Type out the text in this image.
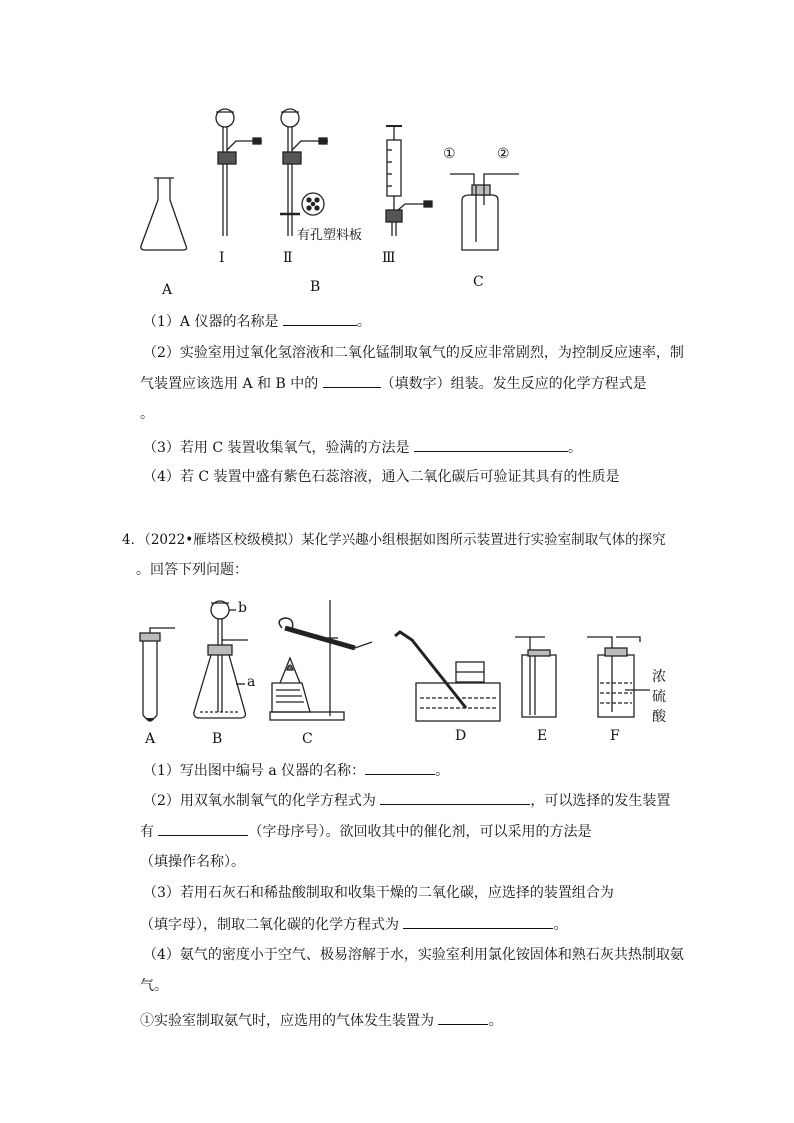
A
Ⅰ	Ⅱ	Ⅲ
B	C
①	②
有孔塑料板
（1）A 仪器的名称是	。
（2）实验室用过氧化氢溶液和二氧化锰制取氧气的反应非常剧烈，为控制反应速率，制
气装置应该选用 A 和 B 中的	（填数字）组装。发生反应的化学方程式是
。
（3）若用 C 装置收集氧气，验满的方法是	。
（4）若 C 装置中盛有紫色石蕊溶液，通入二氧化碳后可验证其具有的性质是
4．（2022•雁塔区校级模拟）某化学兴趣小组根据如图所示装置进行实验室制取气体的探究
。回答下列问题：
A	B	C	D	E	F
b
a	浓
硫
酸
（1）写出图中编号 a 仪器的名称：	。
（2）用双氧水制氧气的化学方程式为	，可以选择的发生装置
有	（字母序号）。欲回收其中的催化剂，可以采用的方法是
（填操作名称）。
（3）若用石灰石和稀盐酸制取和收集干燥的二氧化碳，应选择的装置组合为
（填字母），制取二氧化碳的化学方程式为	。
（4）氨气的密度小于空气、极易溶解于水，实验室利用氯化铵固体和熟石灰共热制取氨
气。
①实验室制取氨气时，应选用的气体发生装置为	。
